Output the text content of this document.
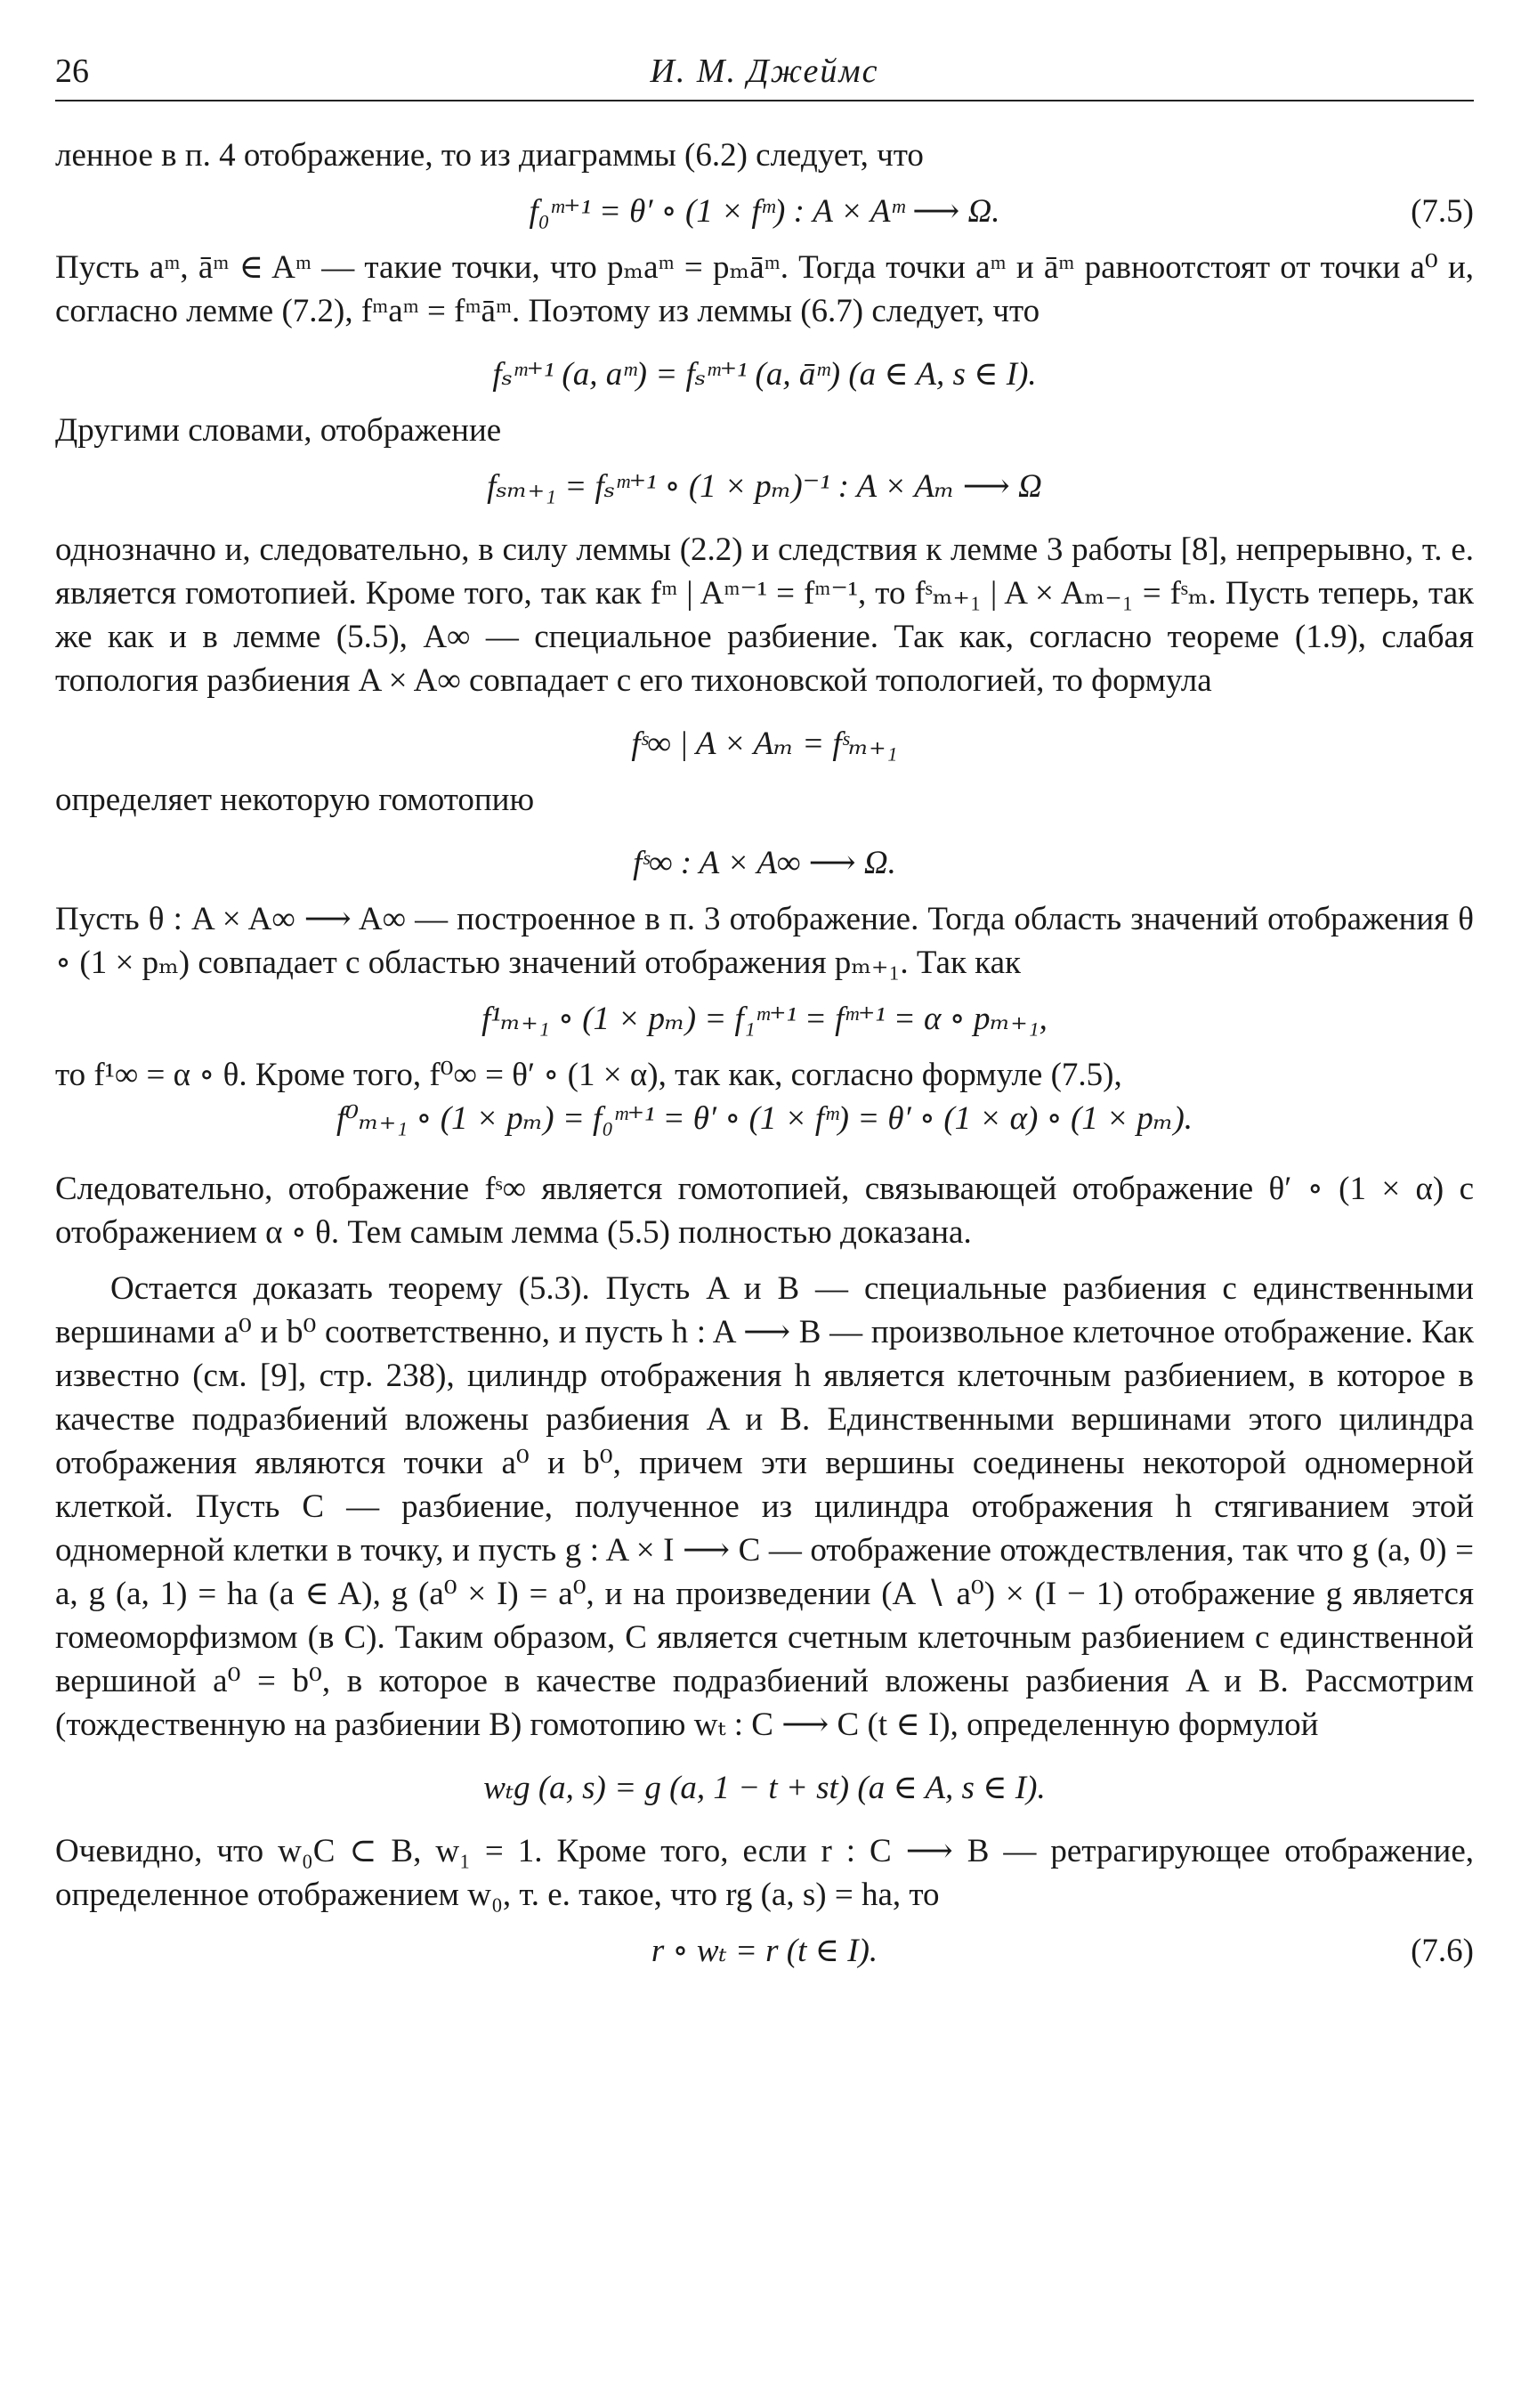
26	И. М. Джеймс

ленное в п. 4 отображение, то из диаграммы (6.2) следует, что

f₀ᵐ⁺¹ = θ′ ∘ (1 × fᵐ) : A × Aᵐ ⟶ Ω.	(7.5)

Пусть aᵐ, āᵐ ∈ Aᵐ — такие точки, что pₘaᵐ = pₘāᵐ. Тогда точки aᵐ и āᵐ равноотстоят от точки a⁰ и, согласно лемме (7.2), fᵐaᵐ = fᵐāᵐ. Поэтому из леммы (6.7) следует, что

fₛᵐ⁺¹ (a, aᵐ) = fₛᵐ⁺¹ (a, āᵐ) (a ∈ A, s ∈ I).

Другими словами, отображение

fₛₘ₊₁ = fₛᵐ⁺¹ ∘ (1 × pₘ)⁻¹ : A × Aₘ ⟶ Ω

однозначно и, следовательно, в силу леммы (2.2) и следствия к лемме 3 работы [8], непрерывно, т. е. является гомотопией. Кроме того, так как fᵐ | Aᵐ⁻¹ = fᵐ⁻¹, то fˢₘ₊₁ | A × Aₘ₋₁ = fˢₘ. Пусть теперь, так же как и в лемме (5.5), A∞ — специальное разбиение. Так как, согласно теореме (1.9), слабая топология разбиения A × A∞ совпадает с его тихоновской топологией, то формула

fˢ∞ | A × Aₘ = fˢₘ₊₁

определяет некоторую гомотопию

fˢ∞ : A × A∞ ⟶ Ω.

Пусть θ : A × A∞ ⟶ A∞ — построенное в п. 3 отображение. Тогда область значений отображения θ ∘ (1 × pₘ) совпадает с областью значений отображения pₘ₊₁. Так как

f¹ₘ₊₁ ∘ (1 × pₘ) = f₁ᵐ⁺¹ = fᵐ⁺¹ = α ∘ pₘ₊₁,

то f¹∞ = α ∘ θ. Кроме того, f⁰∞ = θ′ ∘ (1 × α), так как, согласно формуле (7.5),

f⁰ₘ₊₁ ∘ (1 × pₘ) = f₀ᵐ⁺¹ = θ′ ∘ (1 × fᵐ) = θ′ ∘ (1 × α) ∘ (1 × pₘ).

Следовательно, отображение fˢ∞ является гомотопией, связывающей отображение θ′ ∘ (1 × α) с отображением α ∘ θ. Тем самым лемма (5.5) полностью доказана.

Остается доказать теорему (5.3). Пусть A и B — специальные разбиения с единственными вершинами a⁰ и b⁰ соответственно, и пусть h : A ⟶ B — произвольное клеточное отображение. Как известно (см. [9], стр. 238), цилиндр отображения h является клеточным разбиением, в которое в качестве подразбиений вложены разбиения A и B. Единственными вершинами этого цилиндра отображения являются точки a⁰ и b⁰, причем эти вершины соединены некоторой одномерной клеткой. Пусть C — разбиение, полученное из цилиндра отображения h стягиванием этой одномерной клетки в точку, и пусть g : A × I ⟶ C — отображение отождествления, так что g (a, 0) = a, g (a, 1) = ha (a ∈ A), g (a⁰ × I) = a⁰, и на произведении (A ∖ a⁰) × (I − 1) отображение g является гомеоморфизмом (в C). Таким образом, C является счетным клеточным разбиением с единственной вершиной a⁰ = b⁰, в которое в качестве подразбиений вложены разбиения A и B. Рассмотрим (тождественную на разбиении B) гомотопию wₜ : C ⟶ C (t ∈ I), определенную формулой

wₜg (a, s) = g (a, 1 − t + st) (a ∈ A, s ∈ I).

Очевидно, что w₀C ⊂ B, w₁ = 1. Кроме того, если r : C ⟶ B — ретрагирующее отображение, определенное отображением w₀, т. е. такое, что rg (a, s) = ha, то

r ∘ wₜ = r (t ∈ I).	(7.6)
